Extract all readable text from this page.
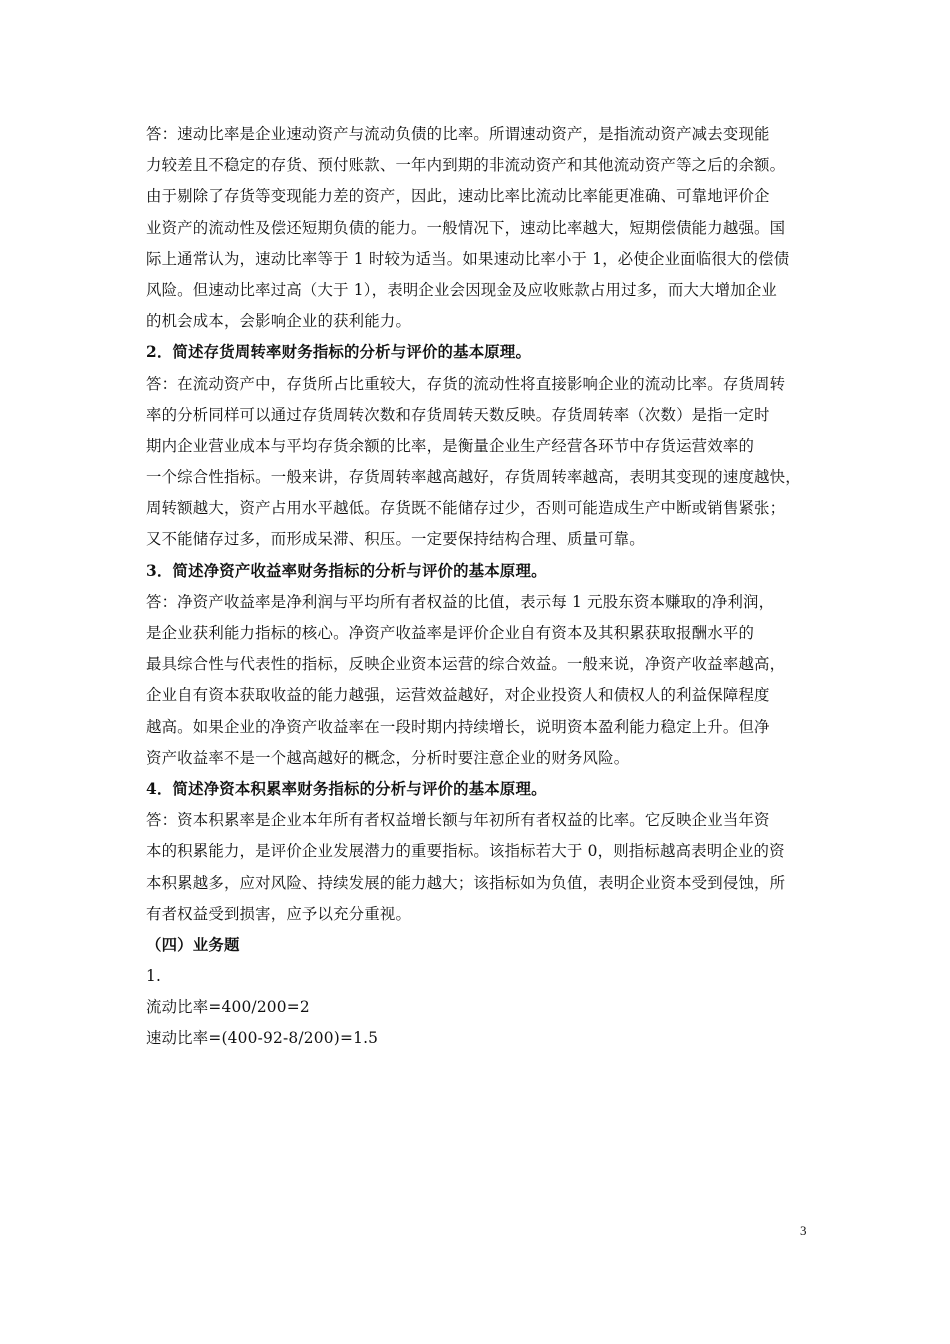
答：速动比率是企业速动资产与流动负债的比率。所谓速动资产，是指流动资产减去变现能
力较差且不稳定的存货、预付账款、一年内到期的非流动资产和其他流动资产等之后的余额。
由于剔除了存货等变现能力差的资产，因此，速动比率比流动比率能更准确、可靠地评价企
业资产的流动性及偿还短期负债的能力。一般情况下，速动比率越大，短期偿债能力越强。国
际上通常认为，速动比率等于 1 时较为适当。如果速动比率小于 1，必使企业面临很大的偿债
风险。但速动比率过高（大于 1），表明企业会因现金及应收账款占用过多，而大大增加企业
的机会成本，会影响企业的获利能力。
2．简述存货周转率财务指标的分析与评价的基本原理。
答：在流动资产中，存货所占比重较大，存货的流动性将直接影响企业的流动比率。存货周转
率的分析同样可以通过存货周转次数和存货周转天数反映。存货周转率（次数）是指一定时
期内企业营业成本与平均存货余额的比率，是衡量企业生产经营各环节中存货运营效率的
一个综合性指标。一般来讲，存货周转率越高越好，存货周转率越高，表明其变现的速度越快，
周转额越大，资产占用水平越低。存货既不能储存过少，否则可能造成生产中断或销售紧张；
又不能储存过多，而形成呆滞、积压。一定要保持结构合理、质量可靠。
3．简述净资产收益率财务指标的分析与评价的基本原理。
答：净资产收益率是净利润与平均所有者权益的比值，表示每 1 元股东资本赚取的净利润，
是企业获利能力指标的核心。净资产收益率是评价企业自有资本及其积累获取报酬水平的
最具综合性与代表性的指标，反映企业资本运营的综合效益。一般来说，净资产收益率越高，
企业自有资本获取收益的能力越强，运营效益越好，对企业投资人和债权人的利益保障程度
越高。如果企业的净资产收益率在一段时期内持续增长，说明资本盈利能力稳定上升。但净
资产收益率不是一个越高越好的概念，分析时要注意企业的财务风险。
4．简述净资本积累率财务指标的分析与评价的基本原理。
答：资本积累率是企业本年所有者权益增长额与年初所有者权益的比率。它反映企业当年资
本的积累能力，是评价企业发展潜力的重要指标。该指标若大于 0，则指标越高表明企业的资
本积累越多，应对风险、持续发展的能力越大；该指标如为负值，表明企业资本受到侵蚀，所
有者权益受到损害，应予以充分重视。
（四）业务题
1.
流动比率=400/200=2
速动比率=(400-92-8/200)=1.5
3
